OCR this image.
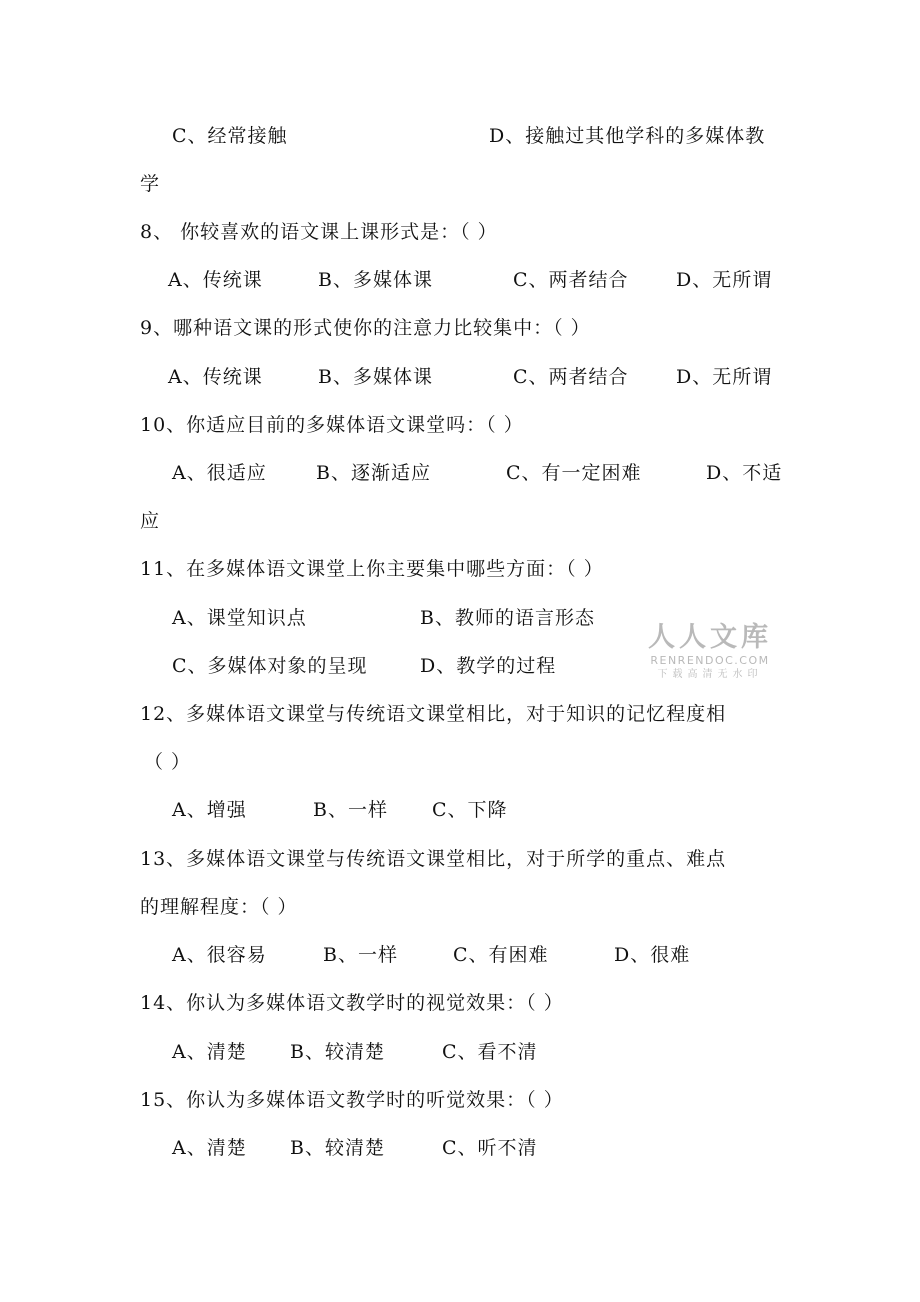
C、经常接触	D、接触过其他学科的多媒体教
学
8、 你较喜欢的语文课上课形式是：（ ）
A、传统课	B、多媒体课	C、两者结合 D、无所谓
9、哪种语文课的形式使你的注意力比较集中：（ ）
A、传统课	B、多媒体课	C、两者结合 D、无所谓
10、你适应目前的多媒体语文课堂吗：（ ）
A、很适应	B、逐渐适应	C、有一定困难	D、不适
应
11、在多媒体语文课堂上你主要集中哪些方面：（ ）
A、课堂知识点	B、教师的语言形态
C、多媒体对象的呈现	D、教学的过程
12、多媒体语文课堂与传统语文课堂相比，对于知识的记忆程度相
（ ）
A、增强	B、一样 C、下降
13、多媒体语文课堂与传统语文课堂相比，对于所学的重点、难点
的理解程度：（ ）
A、很容易	B、一样	C、有困难	D、很难
14、你认为多媒体语文教学时的视觉效果：（ ）
A、清楚 B、较清楚	C、看不清
15、你认为多媒体语文教学时的听觉效果：（ ）
A、清楚 B、较清楚	C、听不清
人人文库
RENRENDOC.COM
下载高清无水印
